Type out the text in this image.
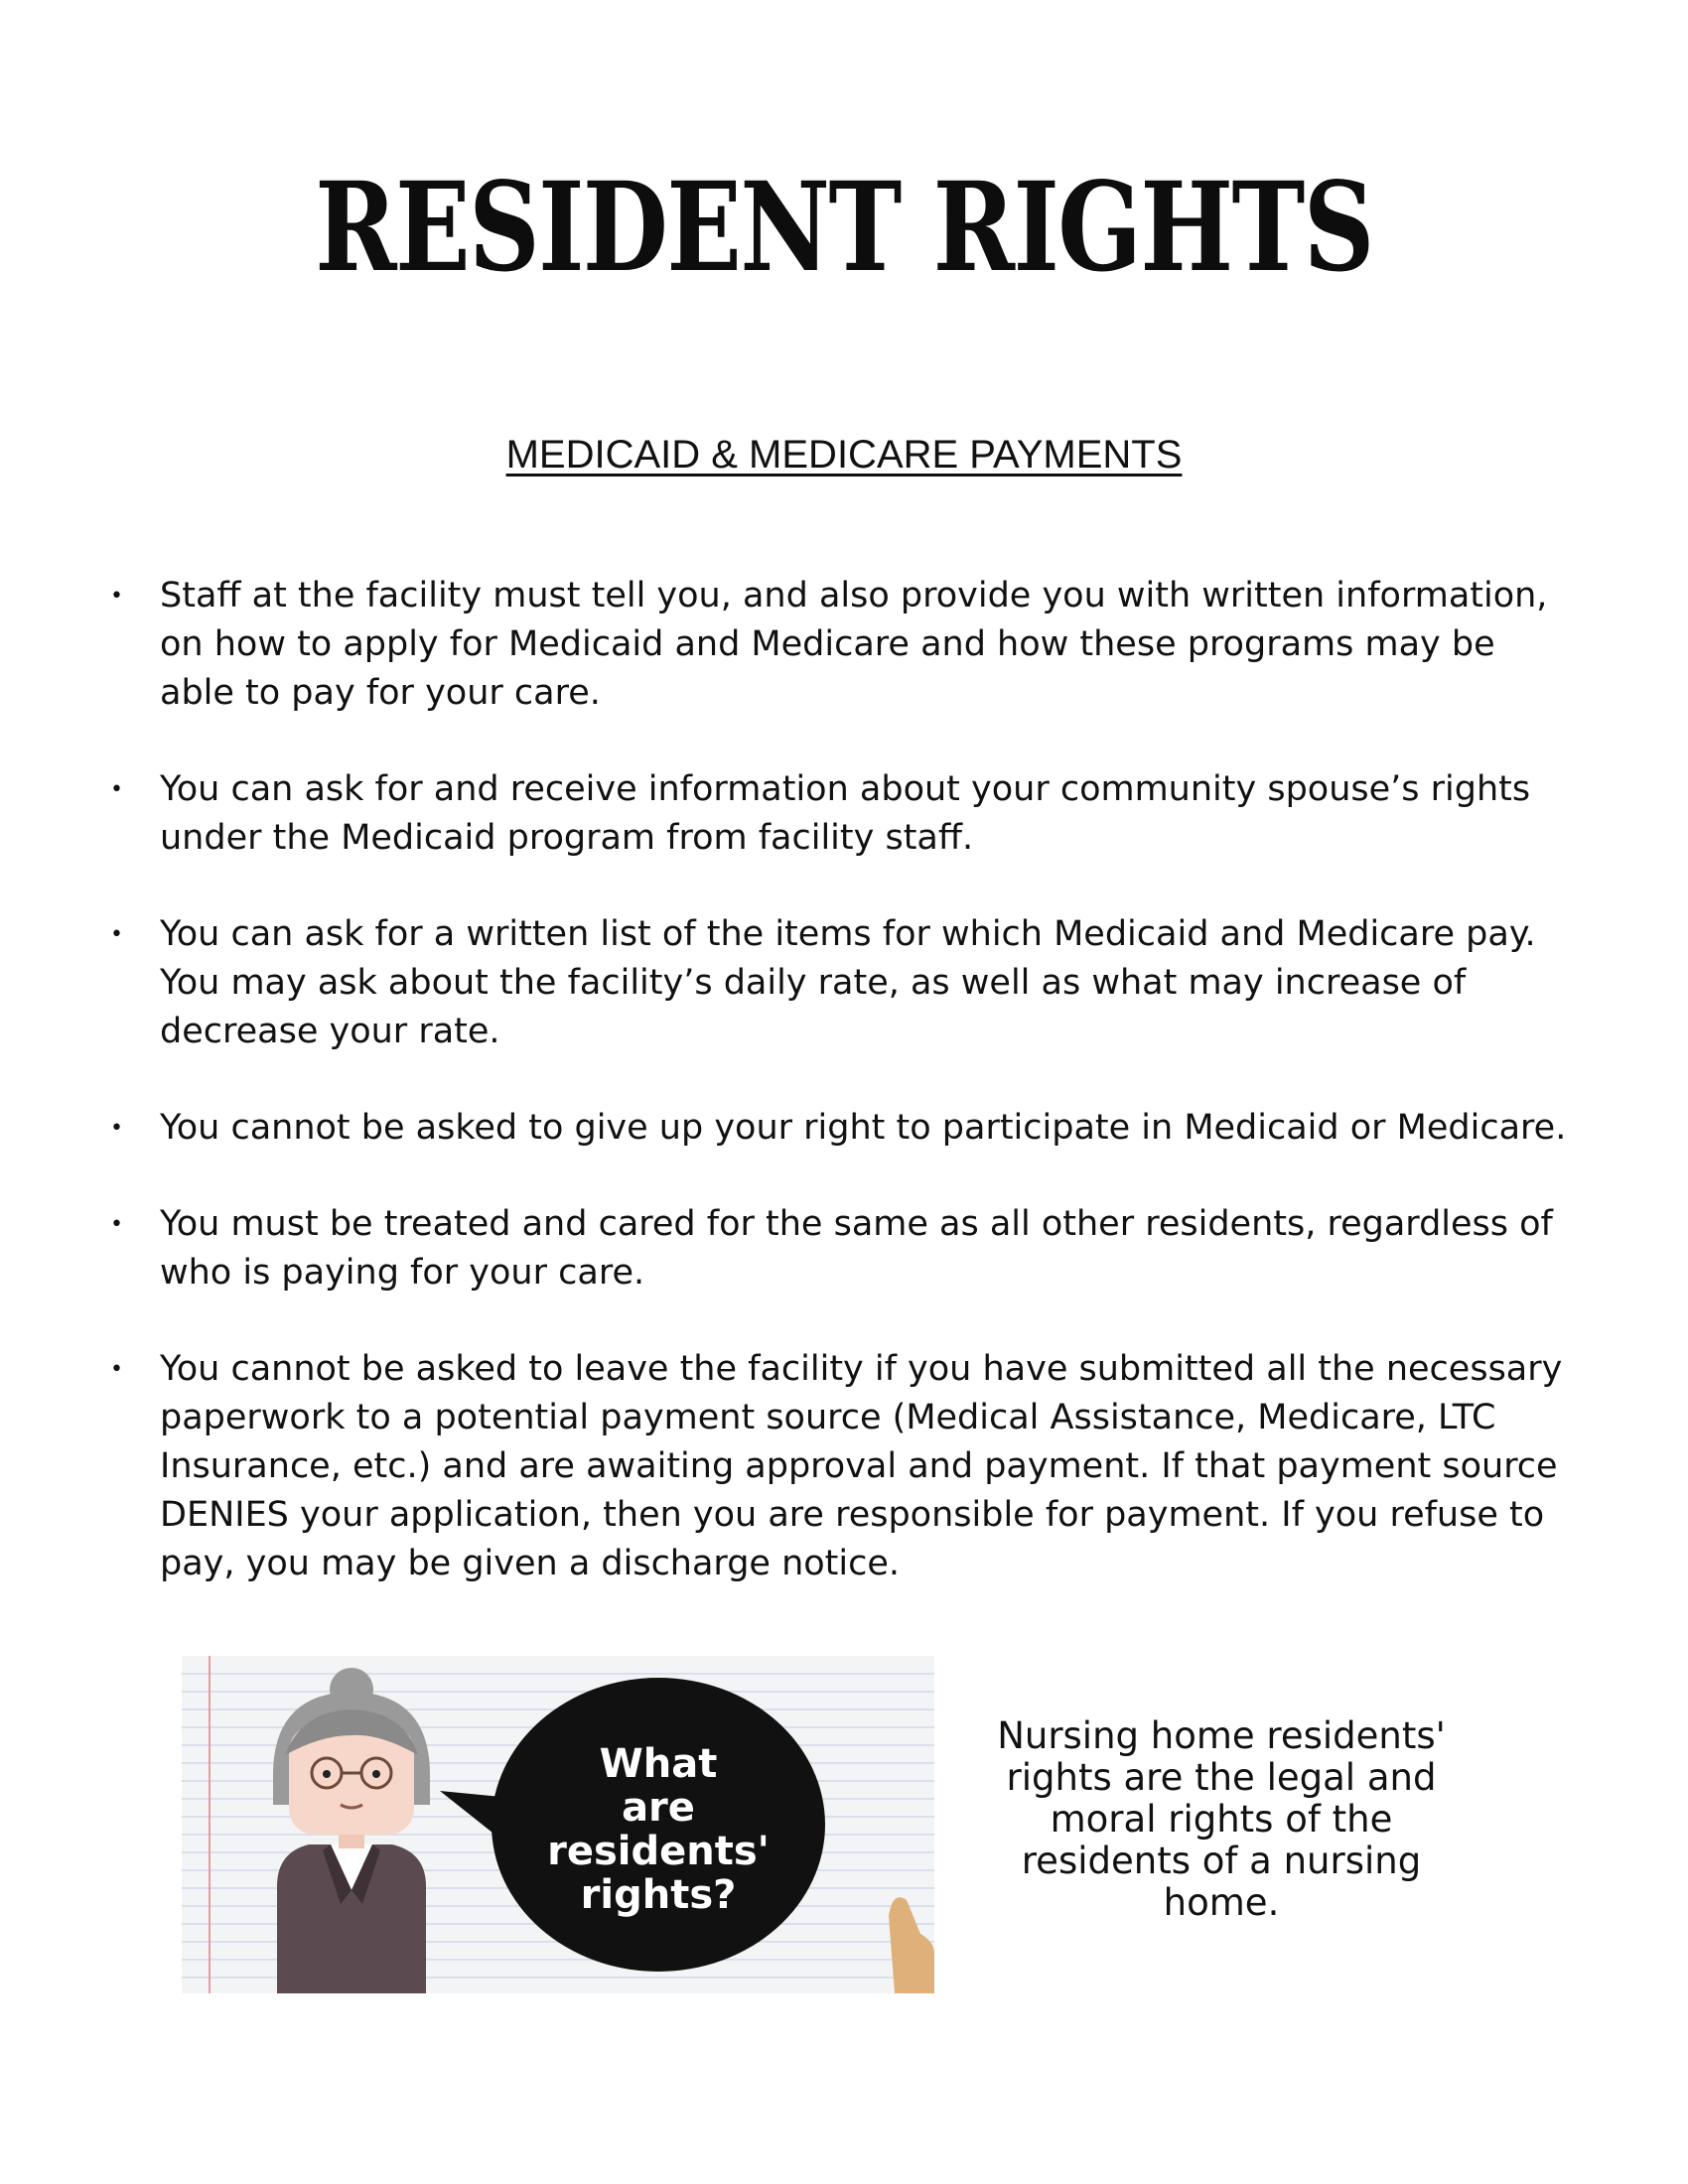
RESIDENT RIGHTS
MEDICAID & MEDICARE PAYMENTS
• Staff at the facility must tell you, and also provide you with written information, on how to apply for Medicaid and Medicare and how these programs may be able to pay for your care.
• You can ask for and receive information about your community spouse’s rights under the Medicaid program from facility staff.
• You can ask for a written list of the items for which Medicaid and Medicare pay. You may ask about the facility’s daily rate, as well as what may increase of decrease your rate.
• You cannot be asked to give up your right to participate in Medicaid or Medicare.
• You must be treated and cared for the same as all other residents, regardless of who is paying for your care.
• You cannot be asked to leave the facility if you have submitted all the necessary paperwork to a potential payment source (Medical Assistance, Medicare, LTC Insurance, etc.) and are awaiting approval and payment. If that payment source DENIES your application, then you are responsible for payment. If you refuse to pay, you may be given a discharge notice.
What
are
residents'
rights?

Nursing home residents' rights are the legal and moral rights of the residents of a nursing home.
